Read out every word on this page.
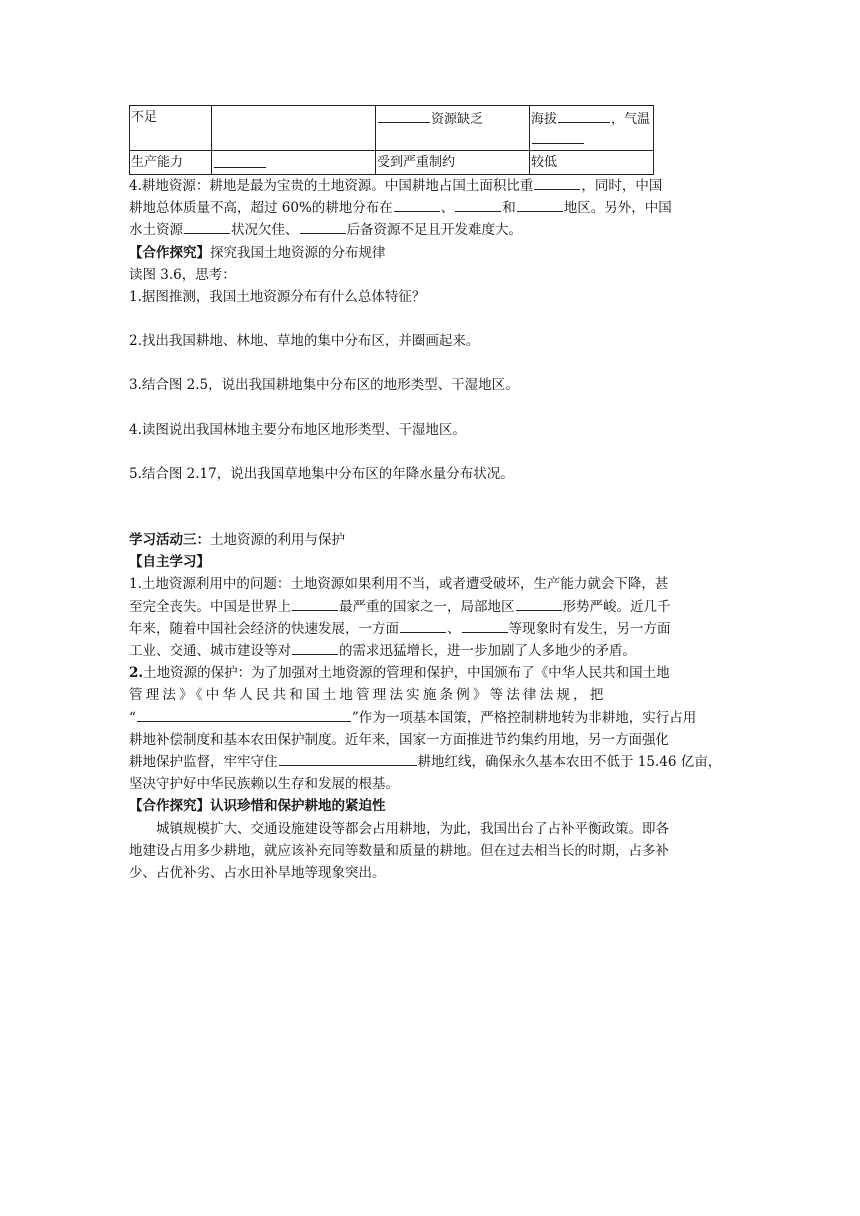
不足		资源缺乏	海拔 ，气温

生产能力		受到严重制约	较低

4.耕地资源：耕地是最为宝贵的土地资源。中国耕地占国土面积比重	，同时，中国
耕地总体质量不高，超过 60%的耕地分布在	、	和	地区。另外，中国
水土资源	状况欠佳、	后备资源不足且开发难度大。

【合作探究】探究我国土地资源的分布规律

读图 3.6，思考：

1.据图推测，我国土地资源分布有什么总体特征？

2.找出我国耕地、林地、草地的集中分布区，并圈画起来。

3.结合图 2.5，说出我国耕地集中分布区的地形类型、干湿地区。

4.读图说出我国林地主要分布地区地形类型、干湿地区。

5.结合图 2.17，说出我国草地集中分布区的年降水量分布状况。

学习活动三：土地资源的利用与保护

【自主学习】

1.土地资源利用中的问题：土地资源如果利用不当，或者遭受破坏，生产能力就会下降，甚
至完全丧失。中国是世界上	最严重的国家之一，局部地区	形势严峻。近几千
年来，随着中国社会经济的快速发展，一方面	、	等现象时有发生，另一方面
工业、交通、城市建设等对	的需求迅猛增长，进一步加剧了人多地少的矛盾。

2.土地资源的保护：为了加强对土地资源的管理和保护，中国颁布了《中华人民共和国土地
管理法》《中华人民共和国土地管理法实施条例》等法律法规，把
“	”作为一项基本国策，严格控制耕地转为非耕地，实行占用
耕地补偿制度和基本农田保护制度。近年来，国家一方面推进节约集约用地，另一方面强化
耕地保护监督，牢牢守住	耕地红线，确保永久基本农田不低于 15.46 亿亩，
坚决守护好中华民族赖以生存和发展的根基。

【合作探究】认识珍惜和保护耕地的紧迫性

城镇规模扩大、交通设施建设等都会占用耕地，为此，我国出台了占补平衡政策。即各
地建设占用多少耕地，就应该补充同等数量和质量的耕地。但在过去相当长的时期，占多补
少、占优补劣、占水田补旱地等现象突出。
